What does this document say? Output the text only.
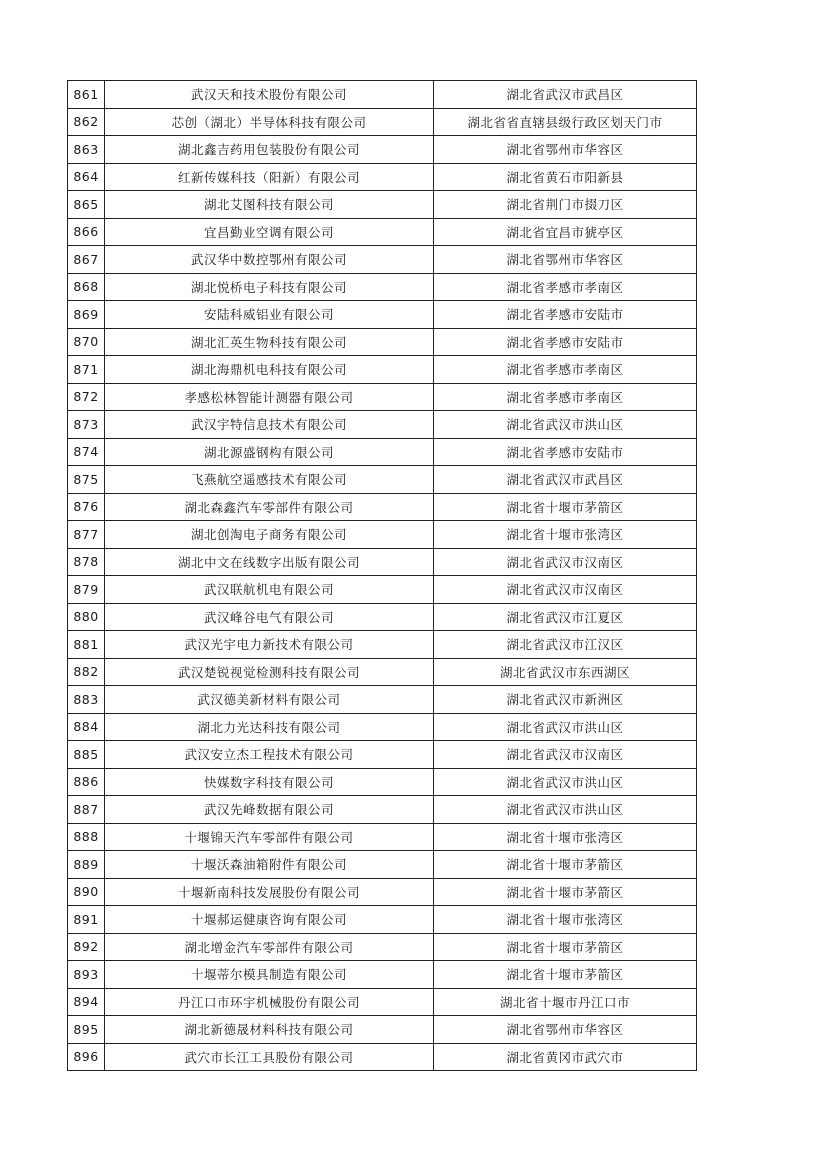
861	武汉天和技术股份有限公司	湖北省武汉市武昌区
862	芯创（湖北）半导体科技有限公司	湖北省省直辖县级行政区划天门市
863	湖北鑫吉药用包装股份有限公司	湖北省鄂州市华容区
864	红新传媒科技（阳新）有限公司	湖北省黄石市阳新县
865	湖北艾图科技有限公司	湖北省荆门市掇刀区
866	宜昌勤业空调有限公司	湖北省宜昌市猇亭区
867	武汉华中数控鄂州有限公司	湖北省鄂州市华容区
868	湖北悦桥电子科技有限公司	湖北省孝感市孝南区
869	安陆科威铝业有限公司	湖北省孝感市安陆市
870	湖北汇英生物科技有限公司	湖北省孝感市安陆市
871	湖北海鼎机电科技有限公司	湖北省孝感市孝南区
872	孝感松林智能计测器有限公司	湖北省孝感市孝南区
873	武汉宇特信息技术有限公司	湖北省武汉市洪山区
874	湖北源盛钢构有限公司	湖北省孝感市安陆市
875	飞燕航空遥感技术有限公司	湖北省武汉市武昌区
876	湖北森鑫汽车零部件有限公司	湖北省十堰市茅箭区
877	湖北创淘电子商务有限公司	湖北省十堰市张湾区
878	湖北中文在线数字出版有限公司	湖北省武汉市汉南区
879	武汉联航机电有限公司	湖北省武汉市汉南区
880	武汉峰谷电气有限公司	湖北省武汉市江夏区
881	武汉光宇电力新技术有限公司	湖北省武汉市江汉区
882	武汉楚锐视觉检测科技有限公司	湖北省武汉市东西湖区
883	武汉德美新材料有限公司	湖北省武汉市新洲区
884	湖北力光达科技有限公司	湖北省武汉市洪山区
885	武汉安立杰工程技术有限公司	湖北省武汉市汉南区
886	快媒数字科技有限公司	湖北省武汉市洪山区
887	武汉先峰数据有限公司	湖北省武汉市洪山区
888	十堰锦天汽车零部件有限公司	湖北省十堰市张湾区
889	十堰沃森油箱附件有限公司	湖北省十堰市茅箭区
890	十堰新南科技发展股份有限公司	湖北省十堰市茅箭区
891	十堰郝运健康咨询有限公司	湖北省十堰市张湾区
892	湖北增金汽车零部件有限公司	湖北省十堰市茅箭区
893	十堰蒂尔模具制造有限公司	湖北省十堰市茅箭区
894	丹江口市环宇机械股份有限公司	湖北省十堰市丹江口市
895	湖北新德晟材料科技有限公司	湖北省鄂州市华容区
896	武穴市长江工具股份有限公司	湖北省黄冈市武穴市
